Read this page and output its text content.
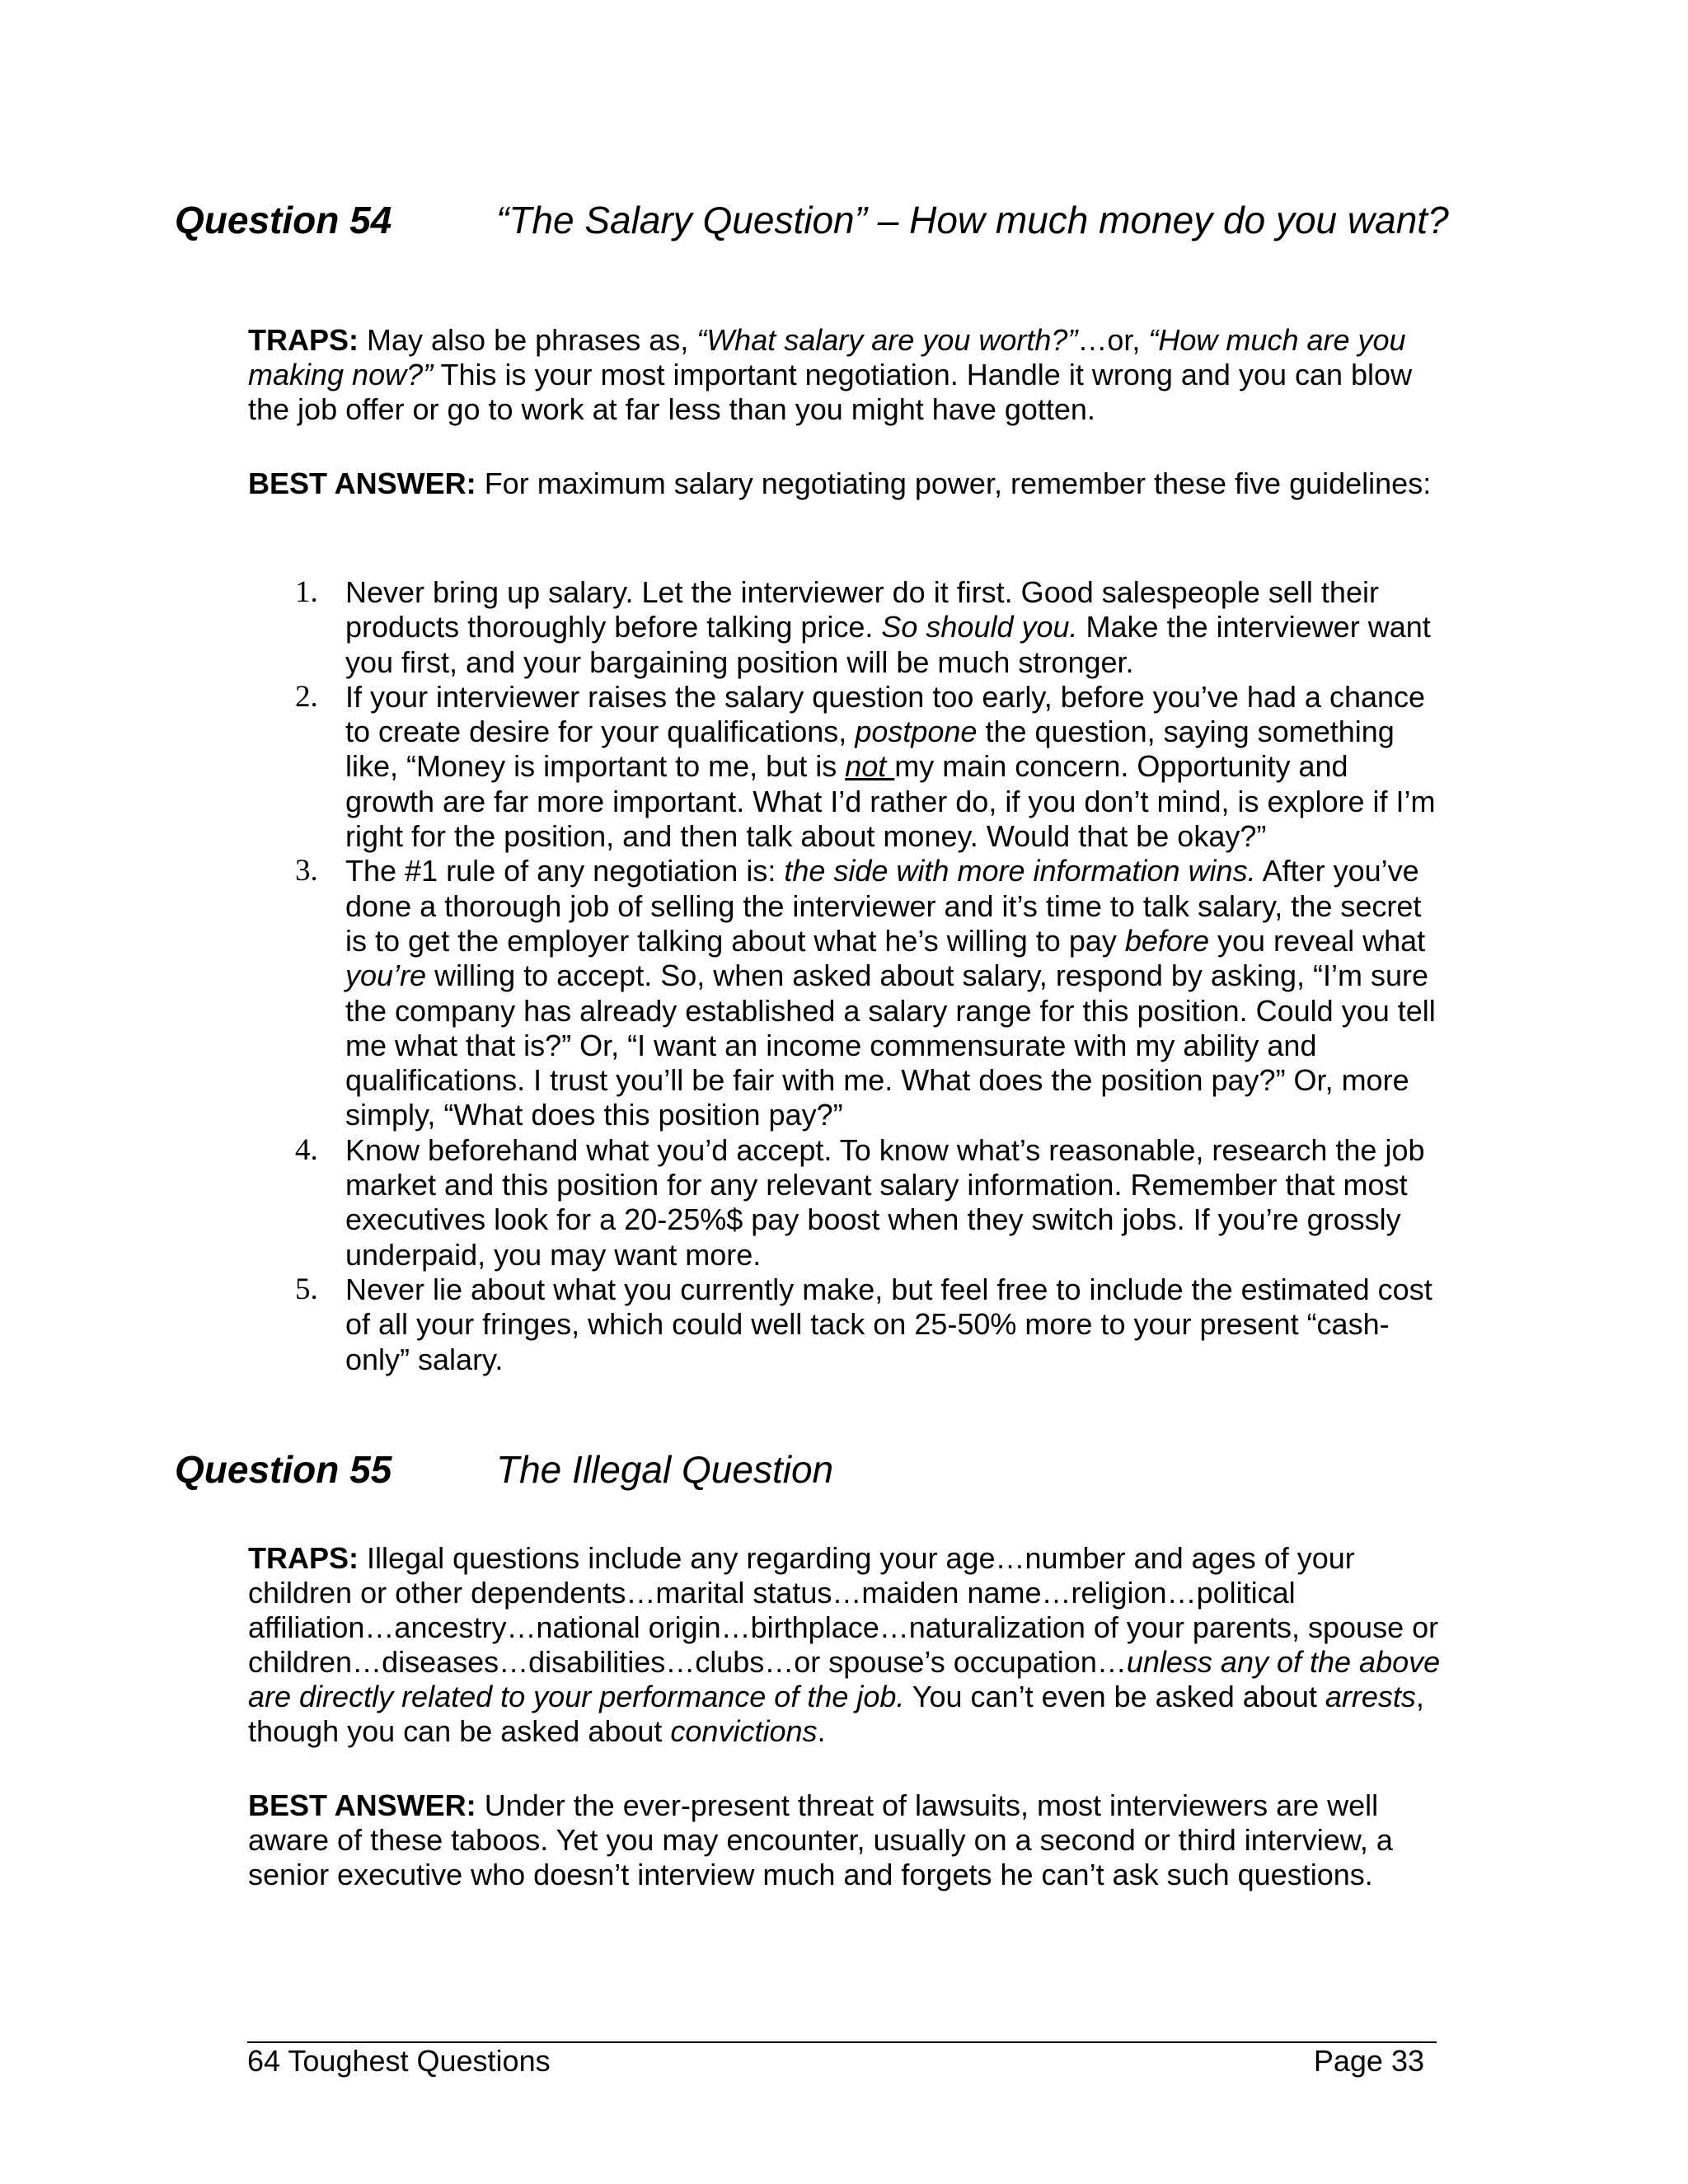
Question 54	“The Salary Question” – How much money do you want?
TRAPS: May also be phrases as, “What salary are you worth?”…or, “How much are you making now?” This is your most important negotiation. Handle it wrong and you can blow the job offer or go to work at far less than you might have gotten.
BEST ANSWER: For maximum salary negotiating power, remember these five guidelines:
1. Never bring up salary. Let the interviewer do it first. Good salespeople sell their products thoroughly before talking price. So should you. Make the interviewer want you first, and your bargaining position will be much stronger.
2. If your interviewer raises the salary question too early, before you’ve had a chance to create desire for your qualifications, postpone the question, saying something like, “Money is important to me, but is not my main concern. Opportunity and growth are far more important. What I’d rather do, if you don’t mind, is explore if I’m right for the position, and then talk about money. Would that be okay?”
3. The #1 rule of any negotiation is: the side with more information wins. After you’ve done a thorough job of selling the interviewer and it’s time to talk salary, the secret is to get the employer talking about what he’s willing to pay before you reveal what you’re willing to accept. So, when asked about salary, respond by asking, “I’m sure the company has already established a salary range for this position. Could you tell me what that is?” Or, “I want an income commensurate with my ability and qualifications. I trust you’ll be fair with me. What does the position pay?” Or, more simply, “What does this position pay?”
4. Know beforehand what you’d accept. To know what’s reasonable, research the job market and this position for any relevant salary information. Remember that most executives look for a 20-25%$ pay boost when they switch jobs. If you’re grossly underpaid, you may want more.
5. Never lie about what you currently make, but feel free to include the estimated cost of all your fringes, which could well tack on 25-50% more to your present “cash-only” salary.
Question 55	The Illegal Question
TRAPS: Illegal questions include any regarding your age…number and ages of your children or other dependents…marital status…maiden name…religion…political affiliation…ancestry…national origin…birthplace…naturalization of your parents, spouse or children…diseases…disabilities…clubs…or spouse’s occupation…unless any of the above are directly related to your performance of the job. You can’t even be asked about arrests, though you can be asked about convictions.
BEST ANSWER: Under the ever-present threat of lawsuits, most interviewers are well aware of these taboos. Yet you may encounter, usually on a second or third interview, a senior executive who doesn’t interview much and forgets he can’t ask such questions.
64 Toughest Questions	Page 33
